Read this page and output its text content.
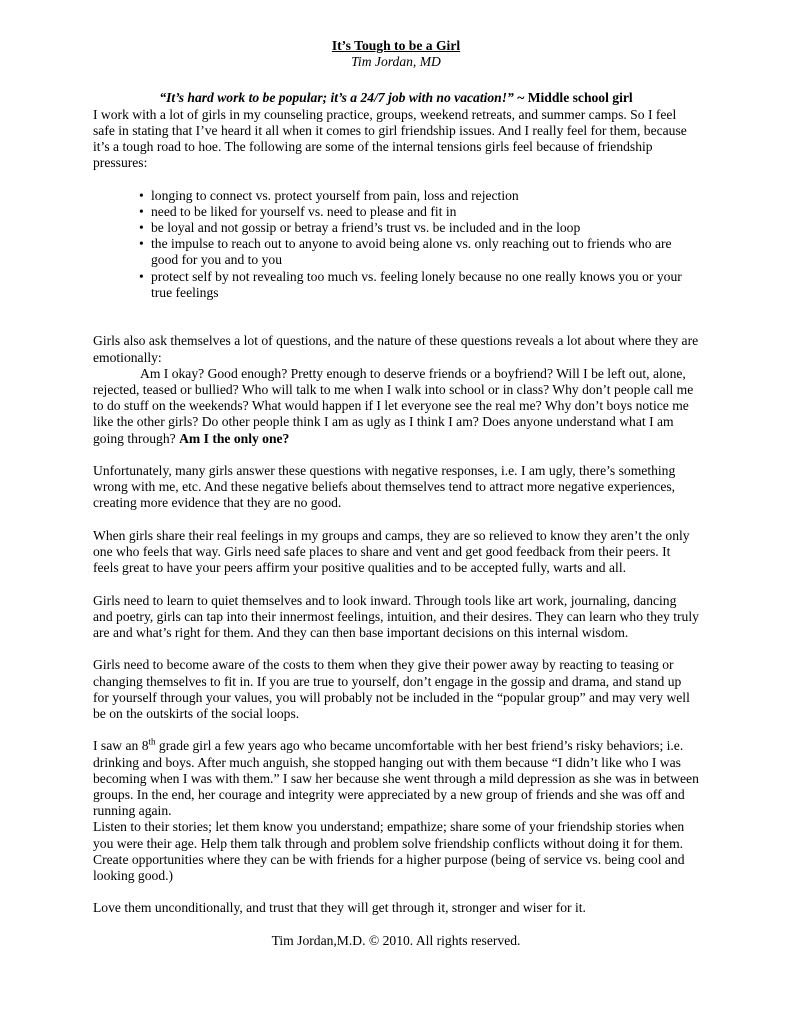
It’s Tough to be a Girl
Tim Jordan, MD
“It’s hard work to be popular; it’s a 24/7 job with no vacation!” ~ Middle school girl

I work with a lot of girls in my counseling practice, groups, weekend retreats, and summer camps. So I feel safe in stating that I’ve heard it all when it comes to girl friendship issues. And I really feel for them, because it’s a tough road to hoe. The following are some of the internal tensions girls feel because of friendship pressures:

• longing to connect vs. protect yourself from pain, loss and rejection
• need to be liked for yourself vs. need to please and fit in
• be loyal and not gossip or betray a friend’s trust vs. be included and in the loop
• the impulse to reach out to anyone to avoid being alone vs. only reaching out to friends who are good for you and to you
• protect self by not revealing too much vs. feeling lonely because no one really knows you or your true feelings

Girls also ask themselves a lot of questions, and the nature of these questions reveals a lot about where they are emotionally:

Am I okay? Good enough? Pretty enough to deserve friends or a boyfriend? Will I be left out, alone, rejected, teased or bullied? Who will talk to me when I walk into school or in class? Why don’t people call me to do stuff on the weekends? What would happen if I let everyone see the real me? Why don’t boys notice me like the other girls? Do other people think I am as ugly as I think I am? Does anyone understand what I am going through? Am I the only one?

Unfortunately, many girls answer these questions with negative responses, i.e. I am ugly, there’s something wrong with me, etc. And these negative beliefs about themselves tend to attract more negative experiences, creating more evidence that they are no good.

When girls share their real feelings in my groups and camps, they are so relieved to know they aren’t the only one who feels that way. Girls need safe places to share and vent and get good feedback from their peers. It feels great to have your peers affirm your positive qualities and to be accepted fully, warts and all.

Girls need to learn to quiet themselves and to look inward. Through tools like art work, journaling, dancing and poetry, girls can tap into their innermost feelings, intuition, and their desires. They can learn who they truly are and what’s right for them. And they can then base important decisions on this internal wisdom.

Girls need to become aware of the costs to them when they give their power away by reacting to teasing or changing themselves to fit in. If you are true to yourself, don’t engage in the gossip and drama, and stand up for yourself through your values, you will probably not be included in the “popular group” and may very well be on the outskirts of the social loops.

I saw an 8th grade girl a few years ago who became uncomfortable with her best friend’s risky behaviors; i.e. drinking and boys. After much anguish, she stopped hanging out with them because “I didn’t like who I was becoming when I was with them.” I saw her because she went through a mild depression as she was in between groups. In the end, her courage and integrity were appreciated by a new group of friends and she was off and running again.

Listen to their stories; let them know you understand; empathize; share some of your friendship stories when you were their age. Help them talk through and problem solve friendship conflicts without doing it for them. Create opportunities where they can be with friends for a higher purpose (being of service vs. being cool and looking good.)

Love them unconditionally, and trust that they will get through it, stronger and wiser for it.

Tim Jordan,M.D. © 2010. All rights reserved.
